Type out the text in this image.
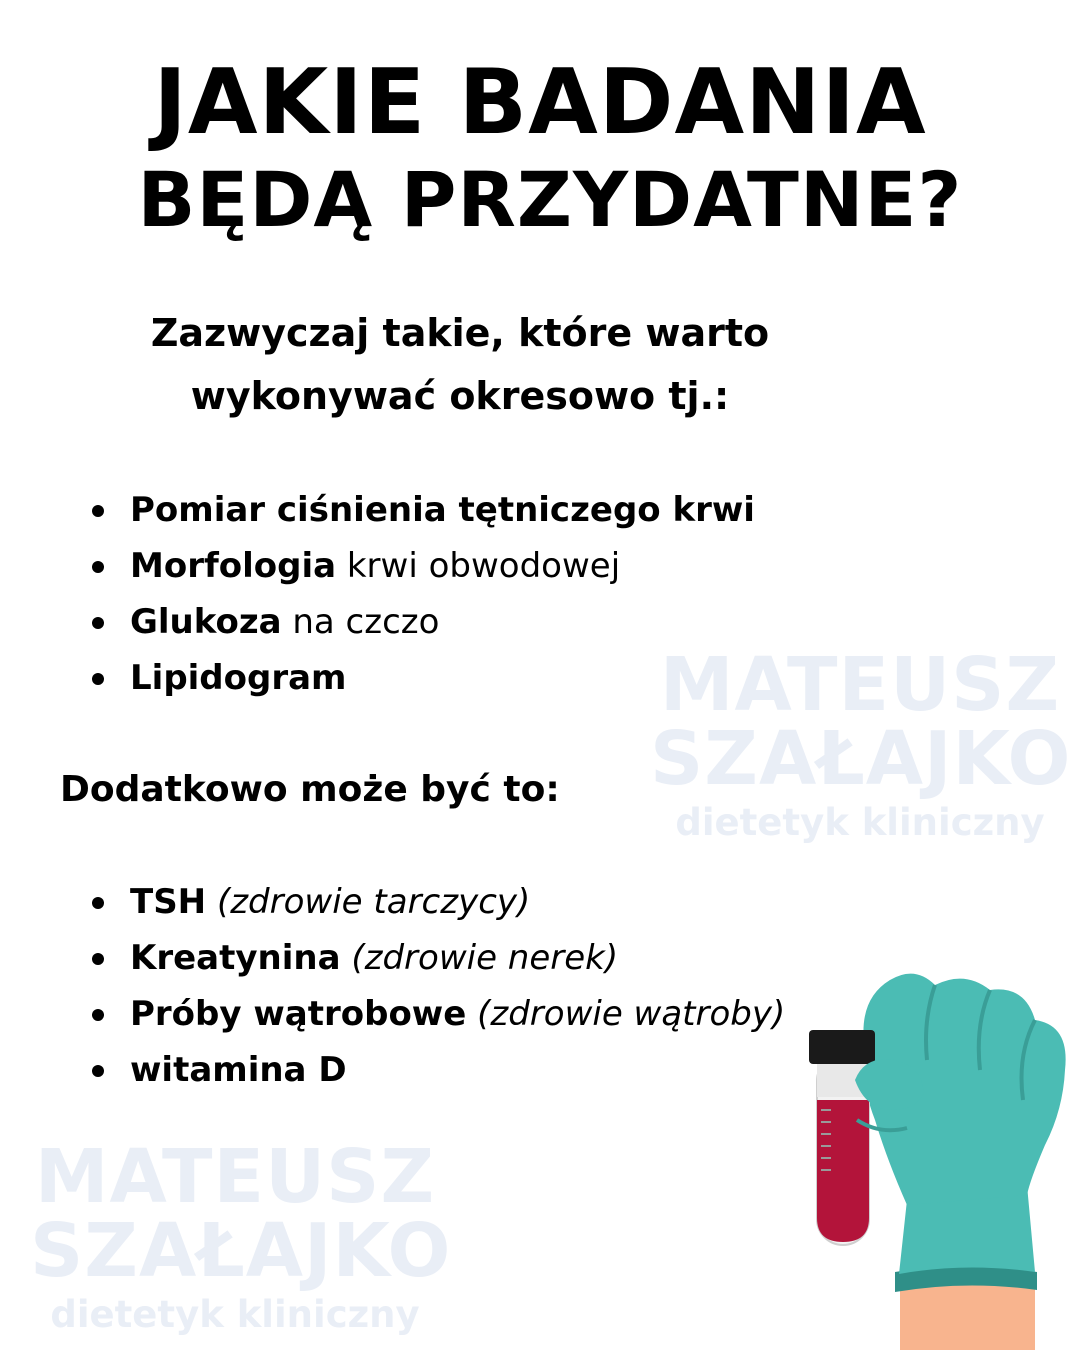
MATEUSZ
SZAŁAJKO
dietetyk kliniczny
MATEUSZ
SZAŁAJKO
dietetyk kliniczny
JAKIE BADANIA
BĘDĄ PRZYDATNE?
Zazwyczaj takie, które warto
wykonywać okresowo tj.:
Pomiar ciśnienia tętniczego krwi
Morfologia krwi obwodowej
Glukoza na czczo
Lipidogram
Dodatkowo może być to:
TSH (zdrowie tarczycy)
Kreatynina (zdrowie nerek)
Próby wątrobowe (zdrowie wątroby)
witamina D
